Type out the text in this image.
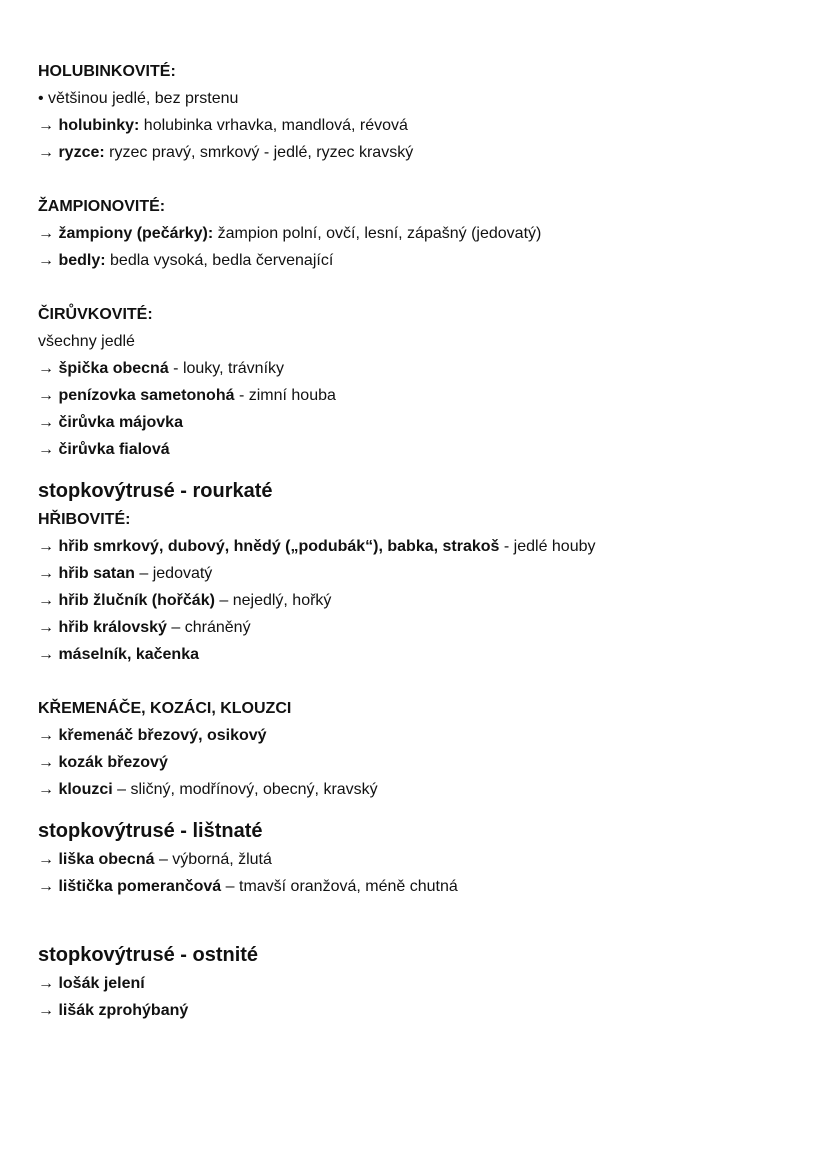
HOLUBINKOVITÉ:
• většinou jedlé, bez prstenu
→ holubinky: holubinka vrhavka, mandlová, révová
→ ryzce: ryzec pravý, smrkový - jedlé, ryzec kravský
ŽAMPIONOVITÉ:
→ žampiony (pečárky): žampion polní, ovčí, lesní, zápašný (jedovatý)
→ bedly: bedla vysoká, bedla červenající
ČIRŮVKOVITÉ:
všechny jedlé
→ špička obecná - louky, trávníky
→ penízovka sametonohá - zimní houba
→ čirůvka májovka
→ čirůvka fialová
stopkovýtrusé - rourkaté
HŘIBOVITÉ:
→ hřib smrkový, dubový, hnědý („podubák“), babka, strakoš - jedlé houby
→ hřib satan – jedovatý
→ hřib žlučník (hořčák) – nejedlý, hořký
→ hřib královský – chráněný
→ máselník, kačenka
KŘEMENÁČE, KOZÁCI, KLOUZCI
→ křemenáč březový, osikový
→ kozák březový
→ klouzci – sličný, modřínový, obecný, kravský
stopkovýtrusé - lištnaté
→ liška obecná – výborná, žlutá
→ lištička pomerančová – tmavší oranžová, méně chutná
stopkovýtrusé - ostnité
→ lošák jelení
→ lišák zprohýbaný
